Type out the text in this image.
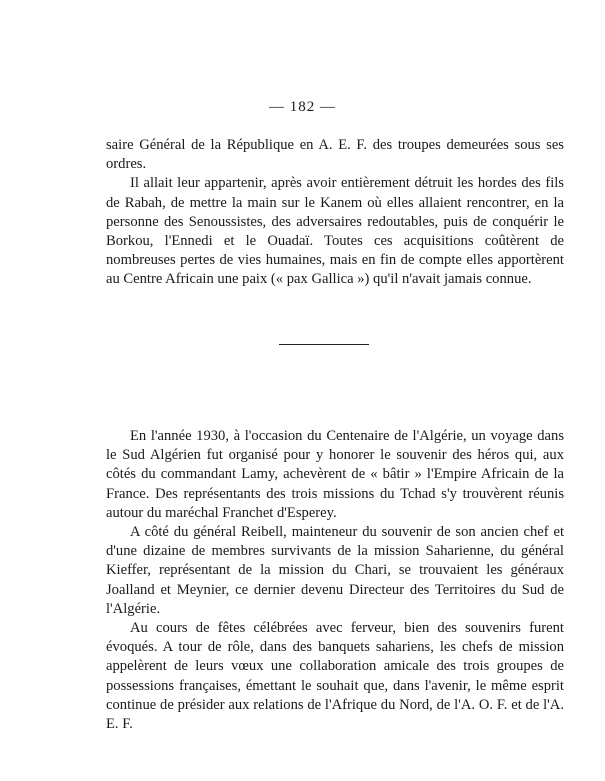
— 182 —

saire Général de la République en A. E. F. des troupes demeurées sous ses ordres.

Il allait leur appartenir, après avoir entièrement détruit les hordes des fils de Rabah, de mettre la main sur le Kanem où elles allaient rencontrer, en la personne des Senoussistes, des adversaires redoutables, puis de conquérir le Borkou, l'Ennedi et le Ouadaï. Toutes ces acquisitions coûtèrent de nombreuses pertes de vies humaines, mais en fin de compte elles apportèrent au Centre Africain une paix (« pax Gallica ») qu'il n'avait jamais connue.

En l'année 1930, à l'occasion du Centenaire de l'Algérie, un voyage dans le Sud Algérien fut organisé pour y honorer le souvenir des héros qui, aux côtés du commandant Lamy, achevèrent de « bâtir » l'Empire Africain de la France. Des représentants des trois missions du Tchad s'y trouvèrent réunis autour du maréchal Franchet d'Esperey.

A côté du général Reibell, mainteneur du souvenir de son ancien chef et d'une dizaine de membres survivants de la mission Saharienne, du général Kieffer, représentant de la mission du Chari, se trouvaient les généraux Joalland et Meynier, ce dernier devenu Directeur des Territoires du Sud de l'Algérie.

Au cours de fêtes célébrées avec ferveur, bien des souvenirs furent évoqués. A tour de rôle, dans des banquets sahariens, les chefs de mission appelèrent de leurs vœux une collaboration amicale des trois groupes de possessions françaises, émettant le souhait que, dans l'avenir, le même esprit continue de présider aux relations de l'Afrique du Nord, de l'A. O. F. et de l'A. E. F.
